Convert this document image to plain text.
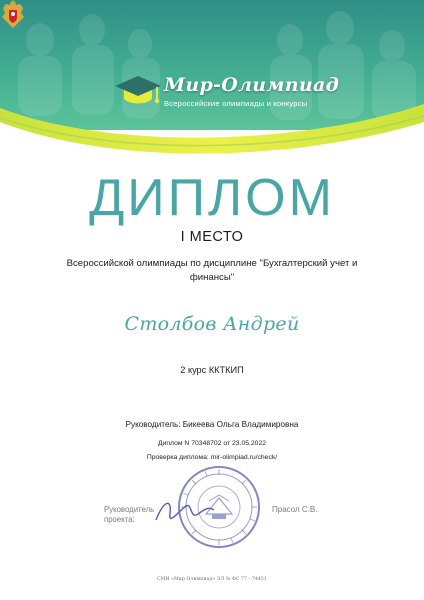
Мир-Олимпиад
Всероссийские олимпиады и конкурсы
ДИПЛОМ
I МЕСТО
Всероссийской олимпиады по дисциплине "Бухгалтерский учет и финансы"
Столбов Андрей
2 курс ККТКИП
Руководитель: Бикеева Ольга Владимировна
Диплом N 70348702 от 23.05.2022
Проверка диплома: mir-olimpiad.ru/check/
Руководитель проекта:
Прасол С.В.
СМИ «Мир Олимпиад» ЭЛ № ФС 77 - 74451
